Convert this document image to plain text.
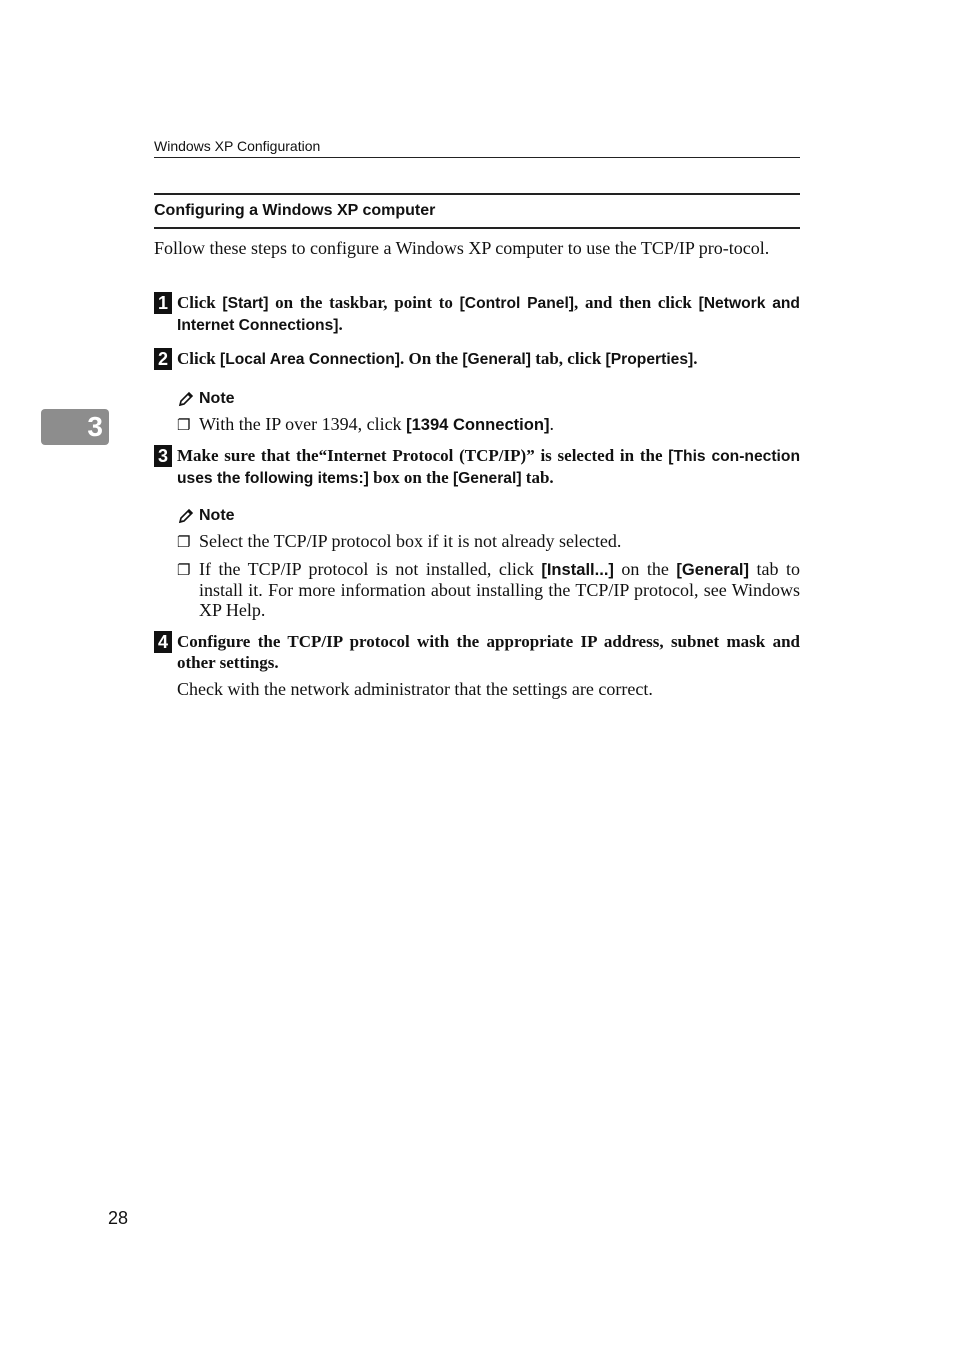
Windows XP Configuration
Configuring a Windows XP computer
Follow these steps to configure a Windows XP computer to use the TCP/IP pro-tocol.
3
1 Click [Start] on the taskbar, point to [Control Panel], and then click [Network and Internet Connections].
2 Click [Local Area Connection]. On the [General] tab, click [Properties].
Note
❐ With the IP over 1394, click [1394 Connection].
3 Make sure that the“Internet Protocol (TCP/IP)” is selected in the [This con-nection uses the following items:] box on the [General] tab.
Note
❐ Select the TCP/IP protocol box if it is not already selected.
❐ If the TCP/IP protocol is not installed, click [Install...] on the [General] tab to install it. For more information about installing the TCP/IP protocol, see Windows XP Help.
4 Configure the TCP/IP protocol with the appropriate IP address, subnet mask and other settings.
Check with the network administrator that the settings are correct.
28
